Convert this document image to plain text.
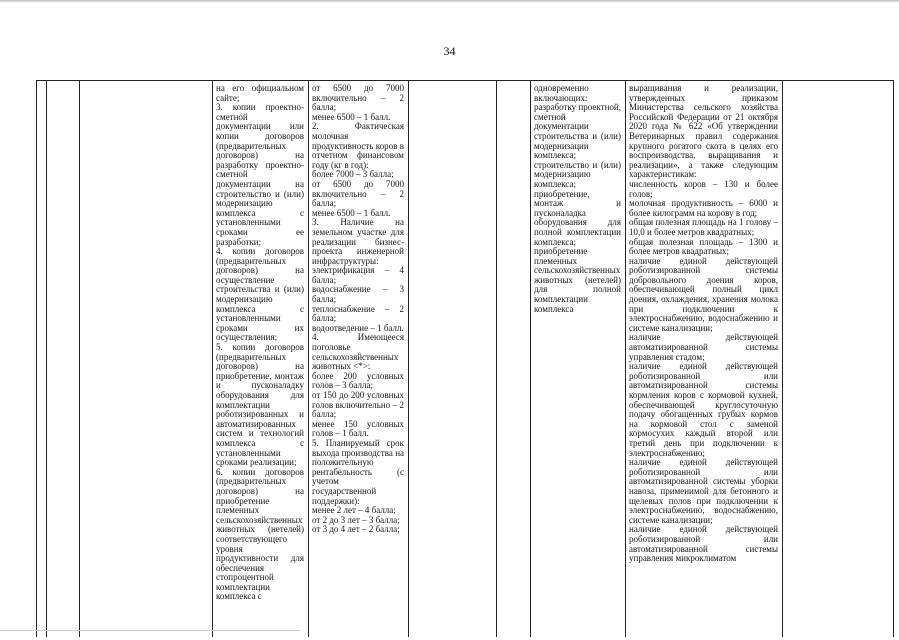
34

на его официальном сайте;

3. копии проектно-сметной документации или копии договоров (предварительных договоров) на разработку проектно-сметной документации на строительство и (или) модернизацию комплекса с установленными сроками ее разработки;

4. копии договоров (предварительных договоров) на осуществление строительства и (или) модернизацию комплекса с установленными сроками их осуществления;

5. копии договоров (предварительных договоров) на приобретение, монтаж и пусконаладку оборудования для комплектации роботизированных и автоматизированных систем и технологий комплекса с установленными сроками реализации;

6. копии договоров (предварительных договоров) на приобретение племенных сельскохозяйственных животных (нетелей) соответствующего уровня продуктивности для обеспечения стопроцентной комплектации комплекса с

от 6500 до 7000 включительно – 2 балла;

менее 6500 – 1 балл.

2. Фактическая молочная продуктивность коров в отчетном финансовом году (кг в год):

более 7000 – 3 балла;

от 6500 до 7000 включительно – 2 балла;

менее 6500 – 1 балл.

3. Наличие на земельном участке для реализации бизнес-проекта инженерной инфраструктуры:

электрификация – 4 балла;

водоснабжение – 3 балла;

теплоснабжение – 2 балла;

водоотведение – 1 балл.

4. Имеющееся поголовье сельскохозяйственных животных <*>:

более 200 условных голов – 3 балла;

от 150 до 200 условных голов включительно – 2 балла;

менее 150 условных голов – 1 балл.

5. Планируемый срок выхода производства на положительную рентабельность (с учетом государственной поддержки):

менее 2 лет – 4 балла;

от 2 до 3 лет – 3 балла;

от 3 до 4 лет – 2 балла;

одновременно включающих:

разработку проектной, сметной документации строительства и (или) модернизации комплекса;

строительство и (или) модернизацию комплекса;

приобретение, монтаж и пусконаладка оборудования для полной комплектации комплекса;

приобретение племенных сельскохозяйственных животных (нетелей) для полной комплектации комплекса

выращивания и реализации, утвержденных приказом Министерства сельского хозяйства Российской Федерации от 21 октября 2020 года № 622 «Об утверждении Ветеринарных правил содержания крупного рогатого скота в целях его воспроизводства, выращивания и реализации», а также следующим характеристикам:

численность коров – 130 и более голов;

молочная продуктивность – 6000 и более килограмм на корову в год;

общая полезная площадь на 1 голову – 10,0 и более метров квадратных;

общая полезная площадь – 1300 и более метров квадратных;

наличие единой действующей роботизированной системы добровольного доения коров, обеспечивающей полный цикл доения, охлаждения, хранения молока при подключении к электроснабжению, водоснабжению и системе канализации;

наличие действующей автоматизированной системы управления стадом;

наличие единой действующей роботизированной или автоматизированной системы кормления коров с кормовой кухней, обеспечивающей круглосуточную подачу обогащенных грубых кормов на кормовой стол с заменой кормосухих каждый второй или третий день при подключении к электроснабжению;

наличие единой действующей роботизированной или автоматизированной системы уборки навоза, применимой для бетонного и щелевых полов при подключении к электроснабжению, водоснабжению, системе канализации;

наличие единой действующей роботизированной или автоматизированной системы управления микроклиматом
